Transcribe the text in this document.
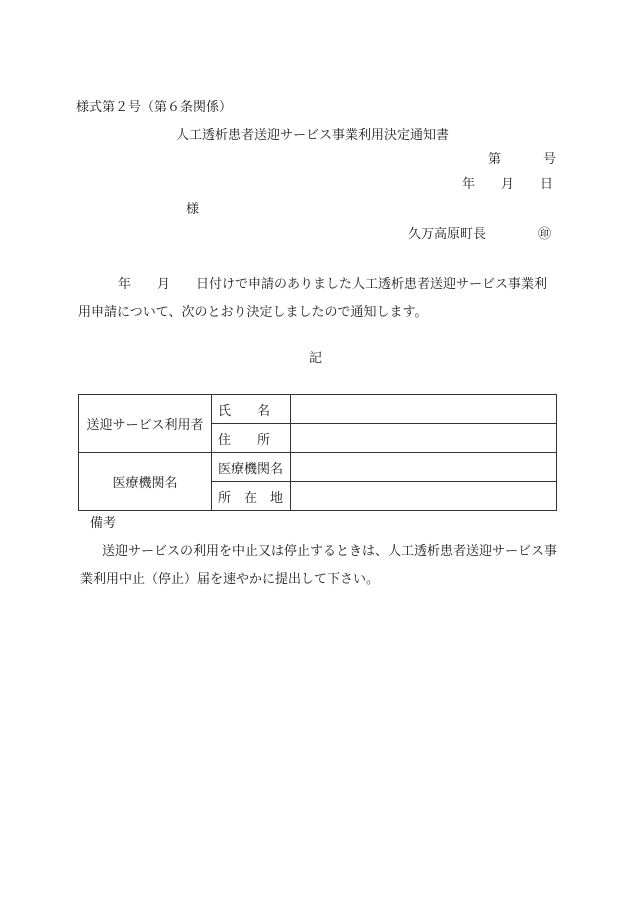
様式第２号（第６条関係）
人工透析患者送迎サービス事業利用決定通知書
第	号
年 月 日
様
久万高原町長	㊞
年 月 日付けで申請のありました人工透析患者送迎サービス事業利用申請について、次のとおり決定しましたので通知します。
記
送迎サービス利用者	氏　　名	
	住　　所	
医療機関名	医療機関名	
	所　在　地	
備考
送迎サービスの利用を中止又は停止するときは、人工透析患者送迎サービス事業利用中止（停止）届を速やかに提出して下さい。
